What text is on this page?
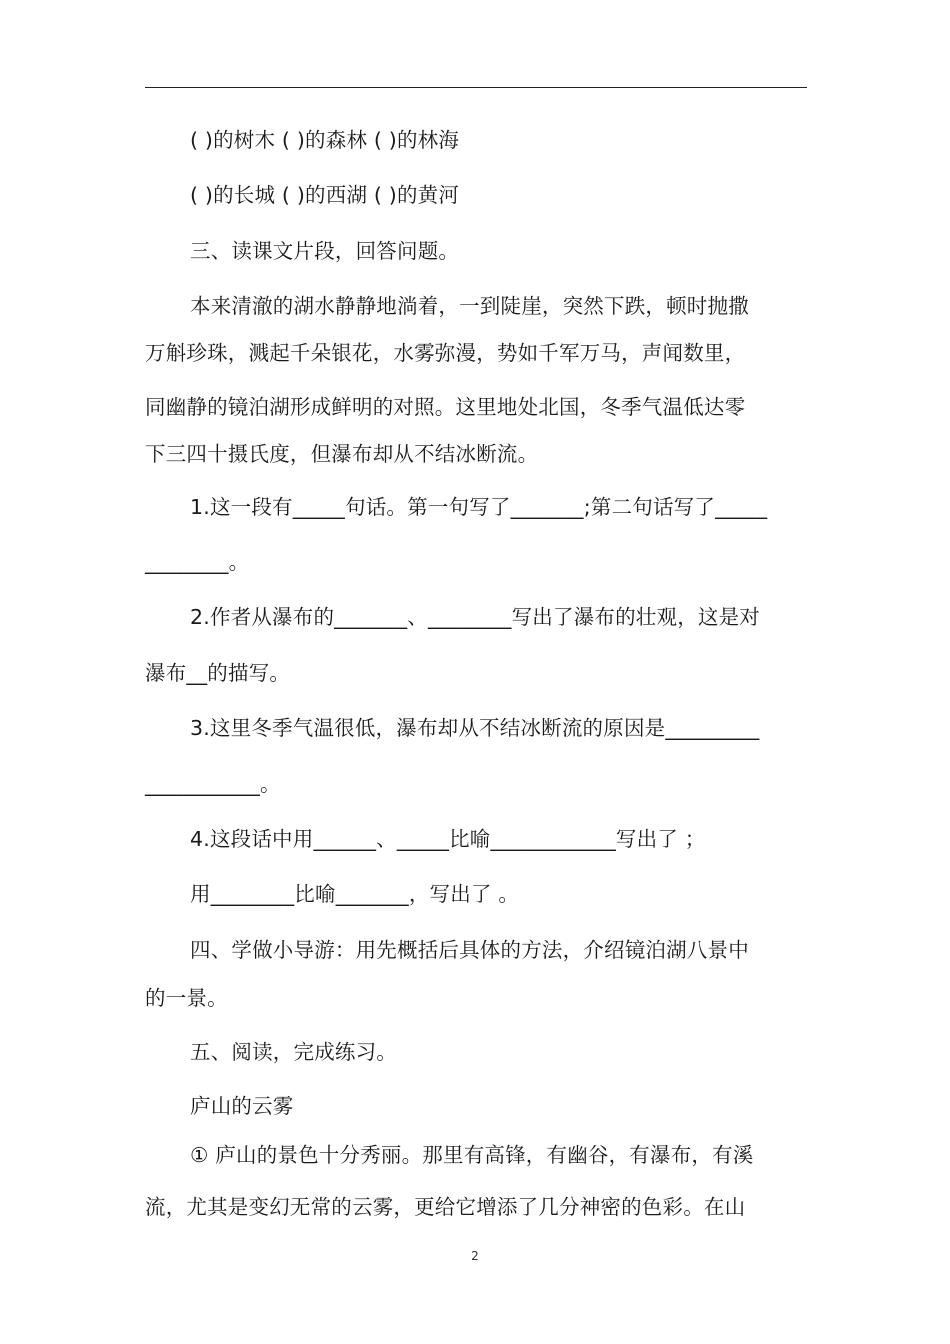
( )的树木 ( )的森林 ( )的林海
( )的长城 ( )的西湖 ( )的黄河
三、读课文片段，回答问题。
本来清澈的湖水静静地淌着，一到陡崖，突然下跌，顿时抛撒
万斛珍珠，溅起千朵银花，水雾弥漫，势如千军万马，声闻数里，
同幽静的镜泊湖形成鲜明的对照。这里地处北国，冬季气温低达零
下三四十摄氏度，但瀑布却从不结冰断流。
1.这一段有_____句话。第一句写了_______;第二句话写了_____
________。
2.作者从瀑布的_______、________写出了瀑布的壮观，这是对
瀑布__的描写。
3.这里冬季气温很低，瀑布却从不结冰断流的原因是_________
___________。
4.这段话中用______、_____比喻____________写出了 ；
用________比喻_______，写出了 。
四、学做小导游：用先概括后具体的方法，介绍镜泊湖八景中
的一景。
五、阅读，完成练习。
庐山的云雾
① 庐山的景色十分秀丽。那里有高锋，有幽谷，有瀑布，有溪
流，尤其是变幻无常的云雾，更给它增添了几分神密的色彩。在山
2
